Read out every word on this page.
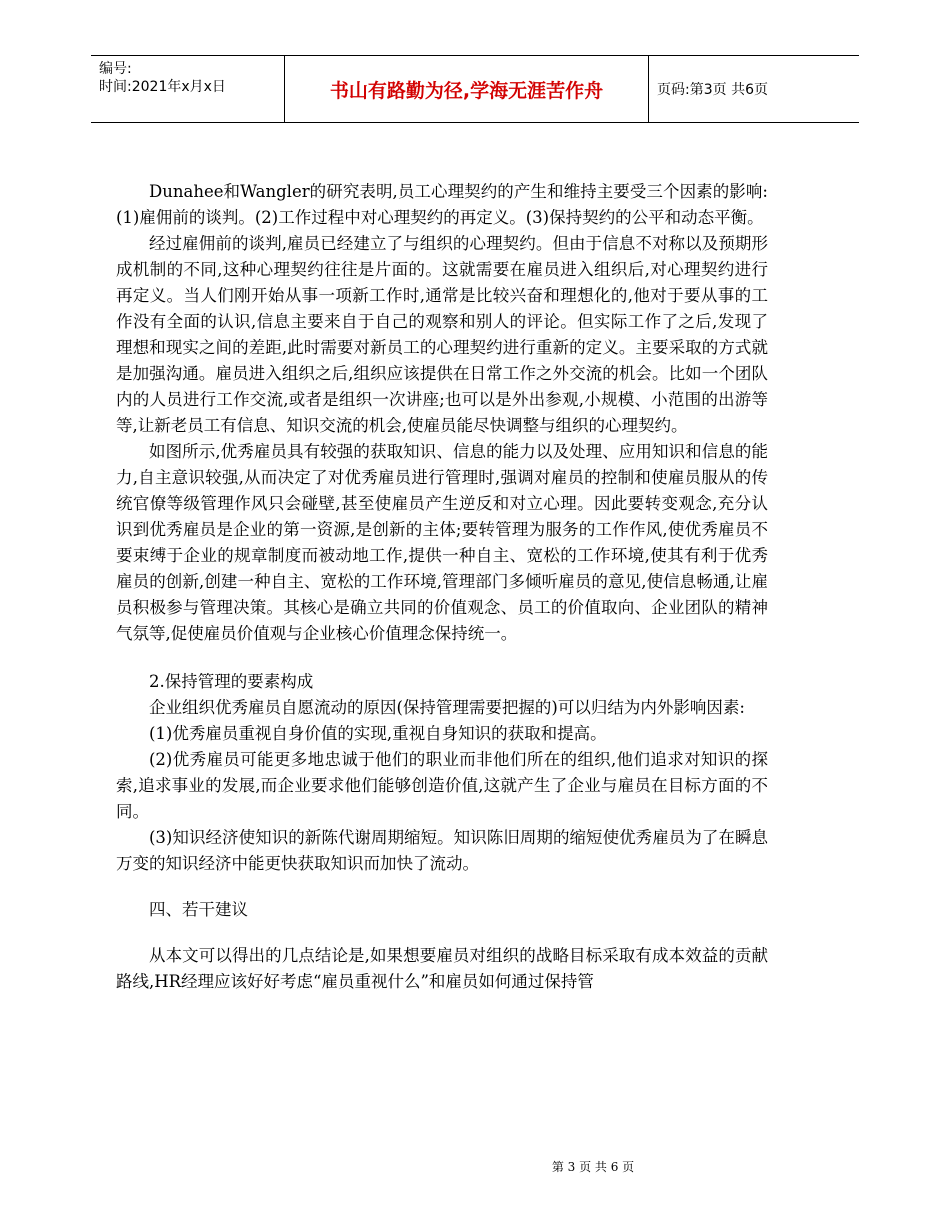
编号:
时间:2021年x月x日	书山有路勤为径,学海无涯苦作舟	页码:第3页 共6页

Dunahee和Wangler的研究表明,员工心理契约的产生和维持主要受三个因素的影响:(1)雇佣前的谈判。(2)工作过程中对心理契约的再定义。(3)保持契约的公平和动态平衡。

经过雇佣前的谈判,雇员已经建立了与组织的心理契约。但由于信息不对称以及预期形成机制的不同,这种心理契约往往是片面的。这就需要在雇员进入组织后,对心理契约进行再定义。当人们刚开始从事一项新工作时,通常是比较兴奋和理想化的,他对于要从事的工作没有全面的认识,信息主要来自于自己的观察和别人的评论。但实际工作了之后,发现了理想和现实之间的差距,此时需要对新员工的心理契约进行重新的定义。主要采取的方式就是加强沟通。雇员进入组织之后,组织应该提供在日常工作之外交流的机会。比如一个团队内的人员进行工作交流,或者是组织一次讲座;也可以是外出参观,小规模、小范围的出游等等,让新老员工有信息、知识交流的机会,使雇员能尽快调整与组织的心理契约。

如图所示,优秀雇员具有较强的获取知识、信息的能力以及处理、应用知识和信息的能力,自主意识较强,从而决定了对优秀雇员进行管理时,强调对雇员的控制和使雇员服从的传统官僚等级管理作风只会碰壁,甚至使雇员产生逆反和对立心理。因此要转变观念,充分认识到优秀雇员是企业的第一资源,是创新的主体;要转管理为服务的工作作风,使优秀雇员不要束缚于企业的规章制度而被动地工作,提供一种自主、宽松的工作环境,使其有利于优秀雇员的创新,创建一种自主、宽松的工作环境,管理部门多倾听雇员的意见,使信息畅通,让雇员积极参与管理决策。其核心是确立共同的价值观念、员工的价值取向、企业团队的精神气氛等,促使雇员价值观与企业核心价值理念保持统一。

2.保持管理的要素构成

企业组织优秀雇员自愿流动的原因(保持管理需要把握的)可以归结为内外影响因素:

(1)优秀雇员重视自身价值的实现,重视自身知识的获取和提高。

(2)优秀雇员可能更多地忠诚于他们的职业而非他们所在的组织,他们追求对知识的探索,追求事业的发展,而企业要求他们能够创造价值,这就产生了企业与雇员在目标方面的不同。

(3)知识经济使知识的新陈代谢周期缩短。知识陈旧周期的缩短使优秀雇员为了在瞬息万变的知识经济中能更快获取知识而加快了流动。

四、若干建议

从本文可以得出的几点结论是,如果想要雇员对组织的战略目标采取有成本效益的贡献路线,HR经理应该好好考虑“雇员重视什么”和雇员如何通过保持管

第 3 页 共 6 页
